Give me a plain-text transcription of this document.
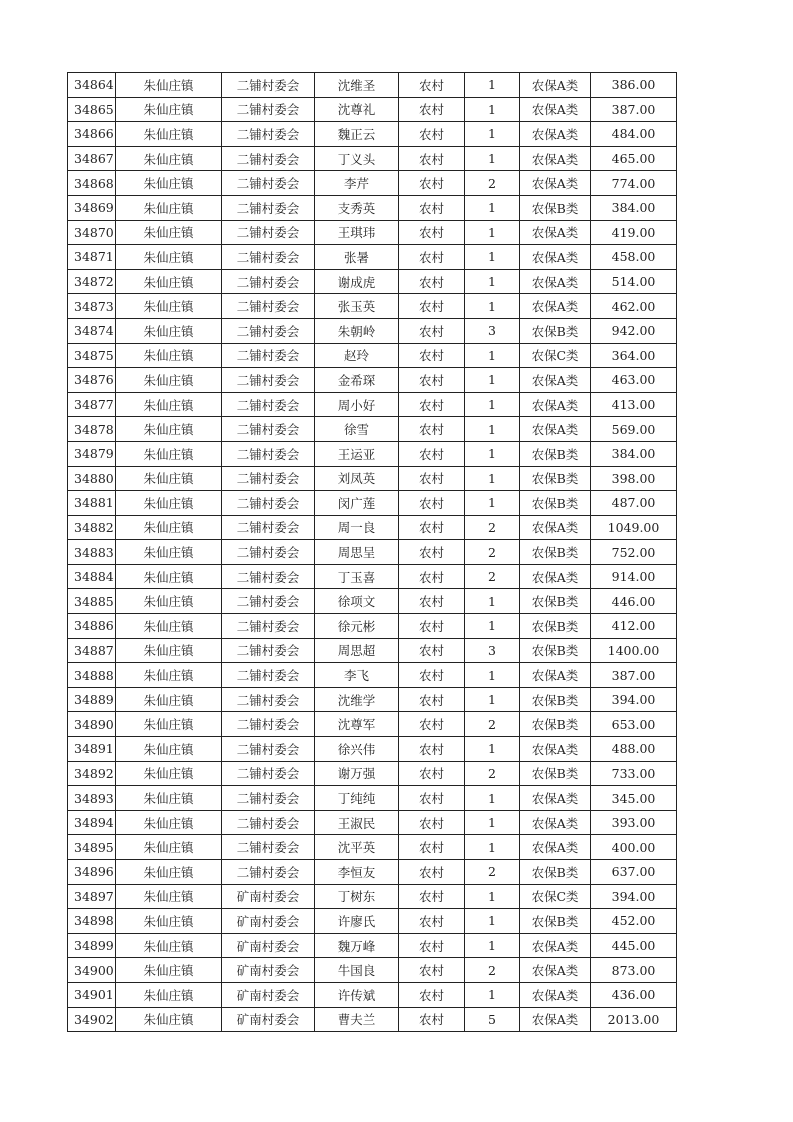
34864	朱仙庄镇	二铺村委会	沈维圣	农村	1	农保A类	386.00
34865	朱仙庄镇	二铺村委会	沈尊礼	农村	1	农保A类	387.00
34866	朱仙庄镇	二铺村委会	魏正云	农村	1	农保A类	484.00
34867	朱仙庄镇	二铺村委会	丁义头	农村	1	农保A类	465.00
34868	朱仙庄镇	二铺村委会	李芹	农村	2	农保A类	774.00
34869	朱仙庄镇	二铺村委会	支秀英	农村	1	农保B类	384.00
34870	朱仙庄镇	二铺村委会	王琪玮	农村	1	农保A类	419.00
34871	朱仙庄镇	二铺村委会	张暑	农村	1	农保A类	458.00
34872	朱仙庄镇	二铺村委会	谢成虎	农村	1	农保A类	514.00
34873	朱仙庄镇	二铺村委会	张玉英	农村	1	农保A类	462.00
34874	朱仙庄镇	二铺村委会	朱朝岭	农村	3	农保B类	942.00
34875	朱仙庄镇	二铺村委会	赵玲	农村	1	农保C类	364.00
34876	朱仙庄镇	二铺村委会	金希琛	农村	1	农保A类	463.00
34877	朱仙庄镇	二铺村委会	周小好	农村	1	农保A类	413.00
34878	朱仙庄镇	二铺村委会	徐雪	农村	1	农保A类	569.00
34879	朱仙庄镇	二铺村委会	王运亚	农村	1	农保B类	384.00
34880	朱仙庄镇	二铺村委会	刘凤英	农村	1	农保B类	398.00
34881	朱仙庄镇	二铺村委会	闵广莲	农村	1	农保B类	487.00
34882	朱仙庄镇	二铺村委会	周一良	农村	2	农保A类	1049.00
34883	朱仙庄镇	二铺村委会	周思呈	农村	2	农保B类	752.00
34884	朱仙庄镇	二铺村委会	丁玉喜	农村	2	农保A类	914.00
34885	朱仙庄镇	二铺村委会	徐项文	农村	1	农保B类	446.00
34886	朱仙庄镇	二铺村委会	徐元彬	农村	1	农保B类	412.00
34887	朱仙庄镇	二铺村委会	周思超	农村	3	农保B类	1400.00
34888	朱仙庄镇	二铺村委会	李飞	农村	1	农保A类	387.00
34889	朱仙庄镇	二铺村委会	沈维学	农村	1	农保B类	394.00
34890	朱仙庄镇	二铺村委会	沈尊军	农村	2	农保B类	653.00
34891	朱仙庄镇	二铺村委会	徐兴伟	农村	1	农保A类	488.00
34892	朱仙庄镇	二铺村委会	谢万强	农村	2	农保B类	733.00
34893	朱仙庄镇	二铺村委会	丁纯纯	农村	1	农保A类	345.00
34894	朱仙庄镇	二铺村委会	王淑民	农村	1	农保A类	393.00
34895	朱仙庄镇	二铺村委会	沈平英	农村	1	农保A类	400.00
34896	朱仙庄镇	二铺村委会	李恒友	农村	2	农保B类	637.00
34897	朱仙庄镇	矿南村委会	丁树东	农村	1	农保C类	394.00
34898	朱仙庄镇	矿南村委会	许廖氏	农村	1	农保B类	452.00
34899	朱仙庄镇	矿南村委会	魏万峰	农村	1	农保A类	445.00
34900	朱仙庄镇	矿南村委会	牛国良	农村	2	农保A类	873.00
34901	朱仙庄镇	矿南村委会	许传斌	农村	1	农保A类	436.00
34902	朱仙庄镇	矿南村委会	曹夫兰	农村	5	农保A类	2013.00
